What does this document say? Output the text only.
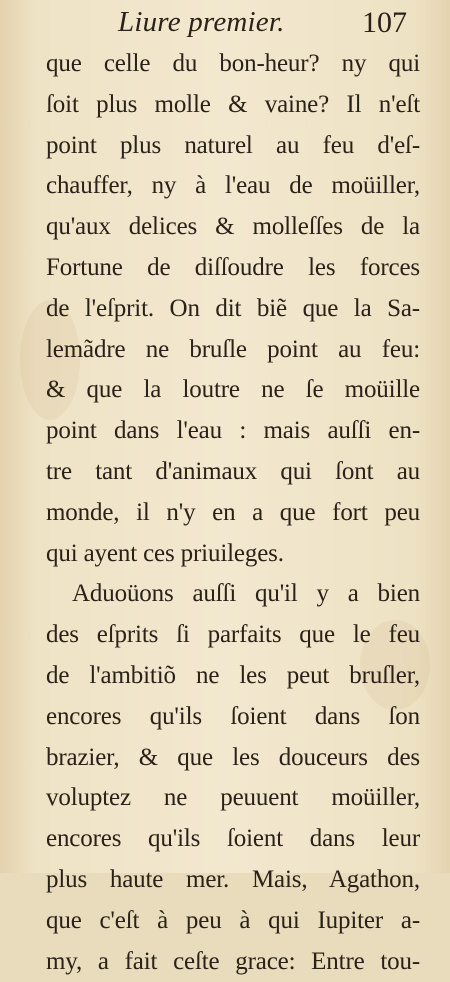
Liure premier.	107
que celle du bon-heur? ny qui
ſoit plus molle & vaine? Il n'eſt
point plus naturel au feu d'eſ-
chauffer, ny à l'eau de moüiller,
qu'aux delices & molleſſes de la
Fortune de diſſoudre les forces
de l'eſprit. On dit biẽ que la Sa-
lemãdre ne bruſle point au feu:
& que la loutre ne ſe moüille
point dans l'eau : mais auſſi en-
tre tant d'animaux qui ſont au
monde, il n'y en a que fort peu
qui ayent ces priuileges.
Aduoüons auſſi qu'il y a bien
des eſprits ſi parfaits que le feu
de l'ambitiõ ne les peut bruſler,
encores qu'ils ſoient dans ſon
brazier, & que les douceurs des
voluptez ne peuuent moüiller,
encores qu'ils ſoient dans leur
plus haute mer. Mais, Agathon,
que c'eſt à peu à qui Iupiter a-
my, a fait ceſte grace: Entre tou-
